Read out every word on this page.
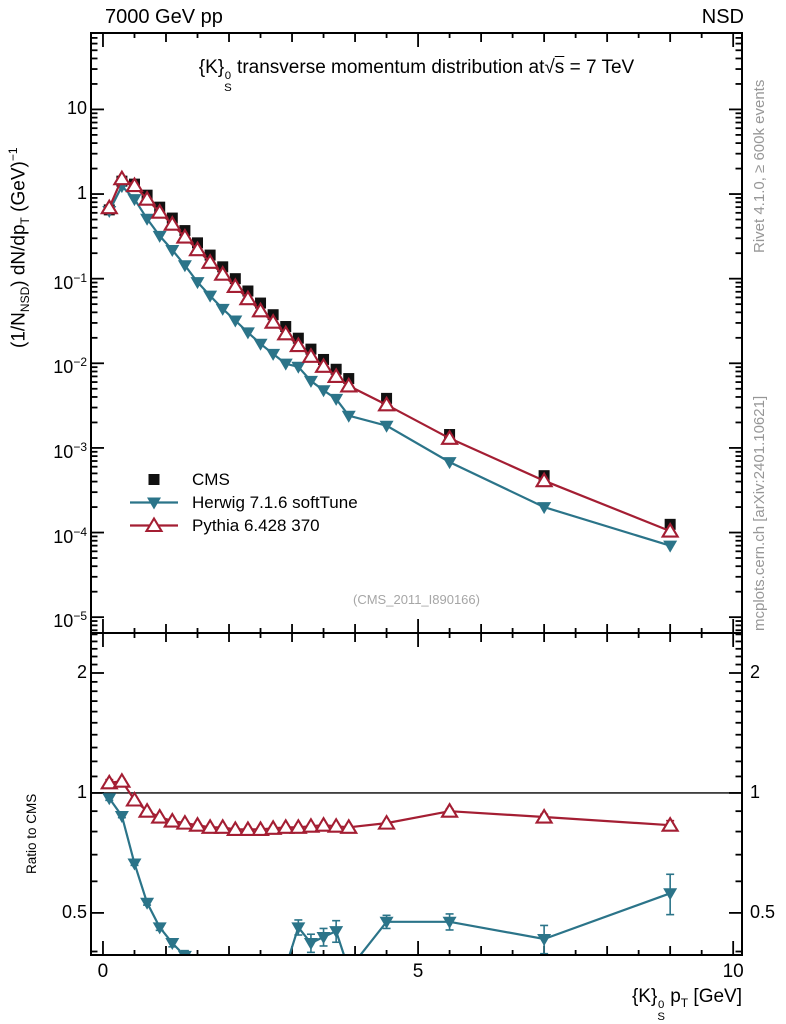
7000 GeV pp	NSD
{K} 0
S
transverse momentum distribution at√s = 7 TeV
$(1/N_{NSD})$ $dN/dp_T$ (GeV)$^{-1}$
Ratio to CMS
{K} 0
S
$p_T$ [GeV]
Rivet 4.1.0, ≥ 600k events
mcplots.cern.ch [arXiv:2401.10621]
(CMS_2011_I890166)
CMS
Herwig 7.1.6 softTune
Pythia 6.428 370
10
1
$10^{-1}$
$10^{-2}$
$10^{-3}$
$10^{-4}$
$10^{-5}$
2	2
1	1
0.5	0.5
0	5	10
